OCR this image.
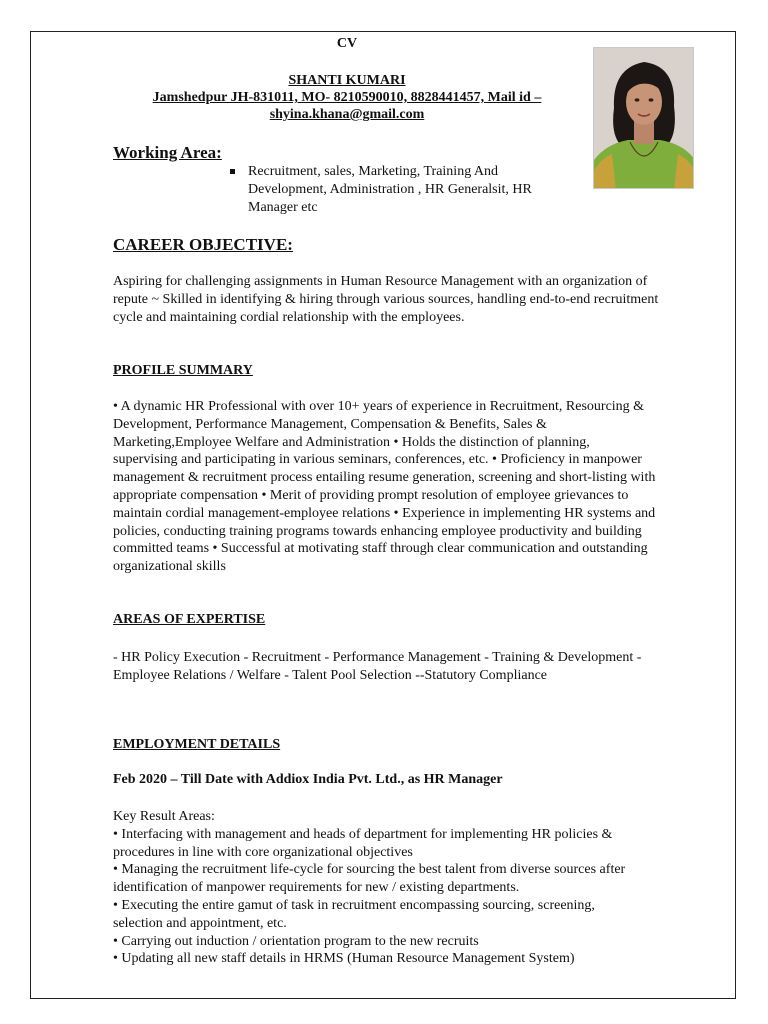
CV
SHANTI KUMARI
Jamshedpur JH-831011, MO- 8210590010, 8828441457, Mail id –
shyina.khana@gmail.com
Working Area:
Recruitment, sales, Marketing, Training And
Development, Administration , HR Generalsit, HR
Manager etc
CAREER OBJECTIVE:
Aspiring for challenging assignments in Human Resource Management with an organization of
repute ~ Skilled in identifying & hiring through various sources, handling end-to-end recruitment
cycle and maintaining cordial relationship with the employees.
PROFILE SUMMARY
• A dynamic HR Professional with over 10+ years of experience in Recruitment, Resourcing &
Development, Performance Management, Compensation & Benefits, Sales &
Marketing,Employee Welfare and Administration • Holds the distinction of planning,
supervising and participating in various seminars, conferences, etc. • Proficiency in manpower
management & recruitment process entailing resume generation, screening and short-listing with
appropriate compensation • Merit of providing prompt resolution of employee grievances to
maintain cordial management-employee relations • Experience in implementing HR systems and
policies, conducting training programs towards enhancing employee productivity and building
committed teams • Successful at motivating staff through clear communication and outstanding
organizational skills
AREAS OF EXPERTISE
- HR Policy Execution - Recruitment - Performance Management - Training & Development -
Employee Relations / Welfare - Talent Pool Selection --Statutory Compliance
EMPLOYMENT DETAILS
Feb 2020 – Till Date with Addiox India Pvt. Ltd., as HR Manager
Key Result Areas:
• Interfacing with management and heads of department for implementing HR policies &
procedures in line with core organizational objectives
• Managing the recruitment life-cycle for sourcing the best talent from diverse sources after
identification of manpower requirements for new / existing departments.
• Executing the entire gamut of task in recruitment encompassing sourcing, screening,
selection and appointment, etc.
• Carrying out induction / orientation program to the new recruits
• Updating all new staff details in HRMS (Human Resource Management System)
